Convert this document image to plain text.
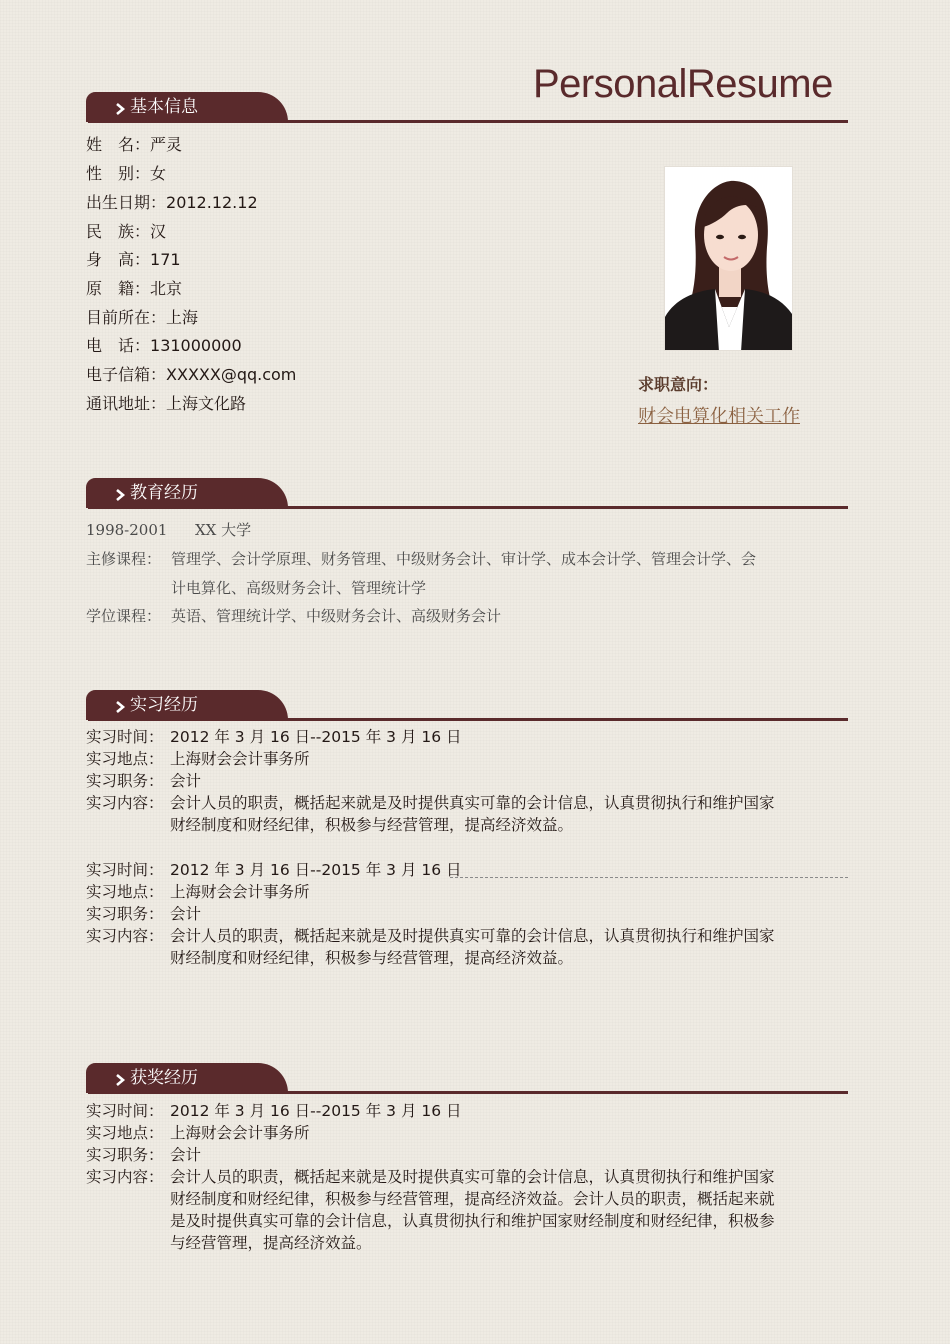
PersonalResume
基本信息
姓　名：严灵
性　别：女
出生日期：2012.12.12
民　族：汉
身　高：171
原　籍：北京
目前所在：上海
电　话：131000000
电子信箱：XXXXX@qq.com
通讯地址：上海文化路
求职意向：
财会电算化相关工作
教育经历
1998-2001 XX 大学
主修课程： 管理学、会计学原理、财务管理、中级财务会计、审计学、成本会计学、管理会计学、会
计电算化、高级财务会计、管理统计学
学位课程： 英语、管理统计学、中级财务会计、高级财务会计
实习经历
实习时间： 2012 年 3 月 16 日--2015 年 3 月 16 日
实习地点： 上海财会会计事务所
实习职务： 会计
实习内容： 会计人员的职责，概括起来就是及时提供真实可靠的会计信息，认真贯彻执行和维护国家
财经制度和财经纪律，积极参与经营管理，提高经济效益。
实习时间： 2012 年 3 月 16 日--2015 年 3 月 16 日
实习地点： 上海财会会计事务所
实习职务： 会计
实习内容： 会计人员的职责，概括起来就是及时提供真实可靠的会计信息，认真贯彻执行和维护国家
财经制度和财经纪律，积极参与经营管理，提高经济效益。
获奖经历
实习时间： 2012 年 3 月 16 日--2015 年 3 月 16 日
实习地点： 上海财会会计事务所
实习职务： 会计
实习内容： 会计人员的职责，概括起来就是及时提供真实可靠的会计信息，认真贯彻执行和维护国家
财经制度和财经纪律，积极参与经营管理，提高经济效益。会计人员的职责，概括起来就
是及时提供真实可靠的会计信息，认真贯彻执行和维护国家财经制度和财经纪律，积极参
与经营管理，提高经济效益。
